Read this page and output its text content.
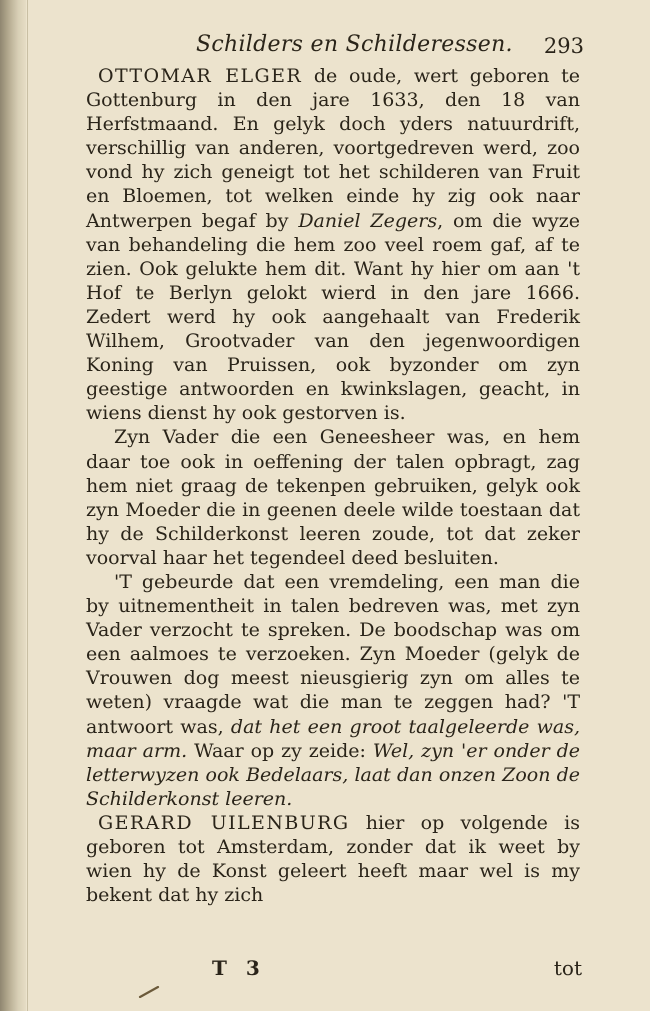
Schilders en Schilderessen. 293

OTTOMAR ELGER de oude, wert geboren te Gottenburg in den jare 1633, den 18 van Herfstmaand. En gelyk doch yders natuurdrift, verschillig van anderen, voortgedreven werd, zoo vond hy zich geneigt tot het schilderen van Fruit en Bloemen, tot welken einde hy zig ook naar Antwerpen begaf by Daniel Zegers, om die wyze van behandeling die hem zoo veel roem gaf, af te zien. Ook gelukte hem dit. Want hy hier om aan 't Hof te Berlyn gelokt wierd in den jare 1666. Zedert werd hy ook aangehaalt van Frederik Wilhem, Grootvader van den jegenwoordigen Koning van Pruissen, ook byzonder om zyn geestige antwoorden en kwinkslagen, geacht, in wiens dienst hy ook gestorven is.

Zyn Vader die een Geneesheer was, en hem daar toe ook in oeffening der talen opbragt, zag hem niet graag de tekenpen gebruiken, gelyk ook zyn Moeder die in geenen deele wilde toestaan dat hy de Schilderkonst leeren zoude, tot dat zeker voorval haar het tegendeel deed besluiten.

'T gebeurde dat een vremdeling, een man die by uitnementheit in talen bedreven was, met zyn Vader verzocht te spreken. De boodschap was om een aalmoes te verzoeken. Zyn Moeder (gelyk de Vrouwen dog meest nieusgierig zyn om alles te weten) vraagde wat die man te zeggen had? 'T antwoort was, dat het een groot taalgeleerde was, maar arm. Waar op zy zeide: Wel, zyn 'er onder de letterwyzen ook Bedelaars, laat dan onzen Zoon de Schilderkonst leeren.

GERARD UILENBURG hier op volgende is geboren tot Amsterdam, zonder dat ik weet by wien hy de Konst geleert heeft maar wel is my bekent dat hy zich

T 3	tot
